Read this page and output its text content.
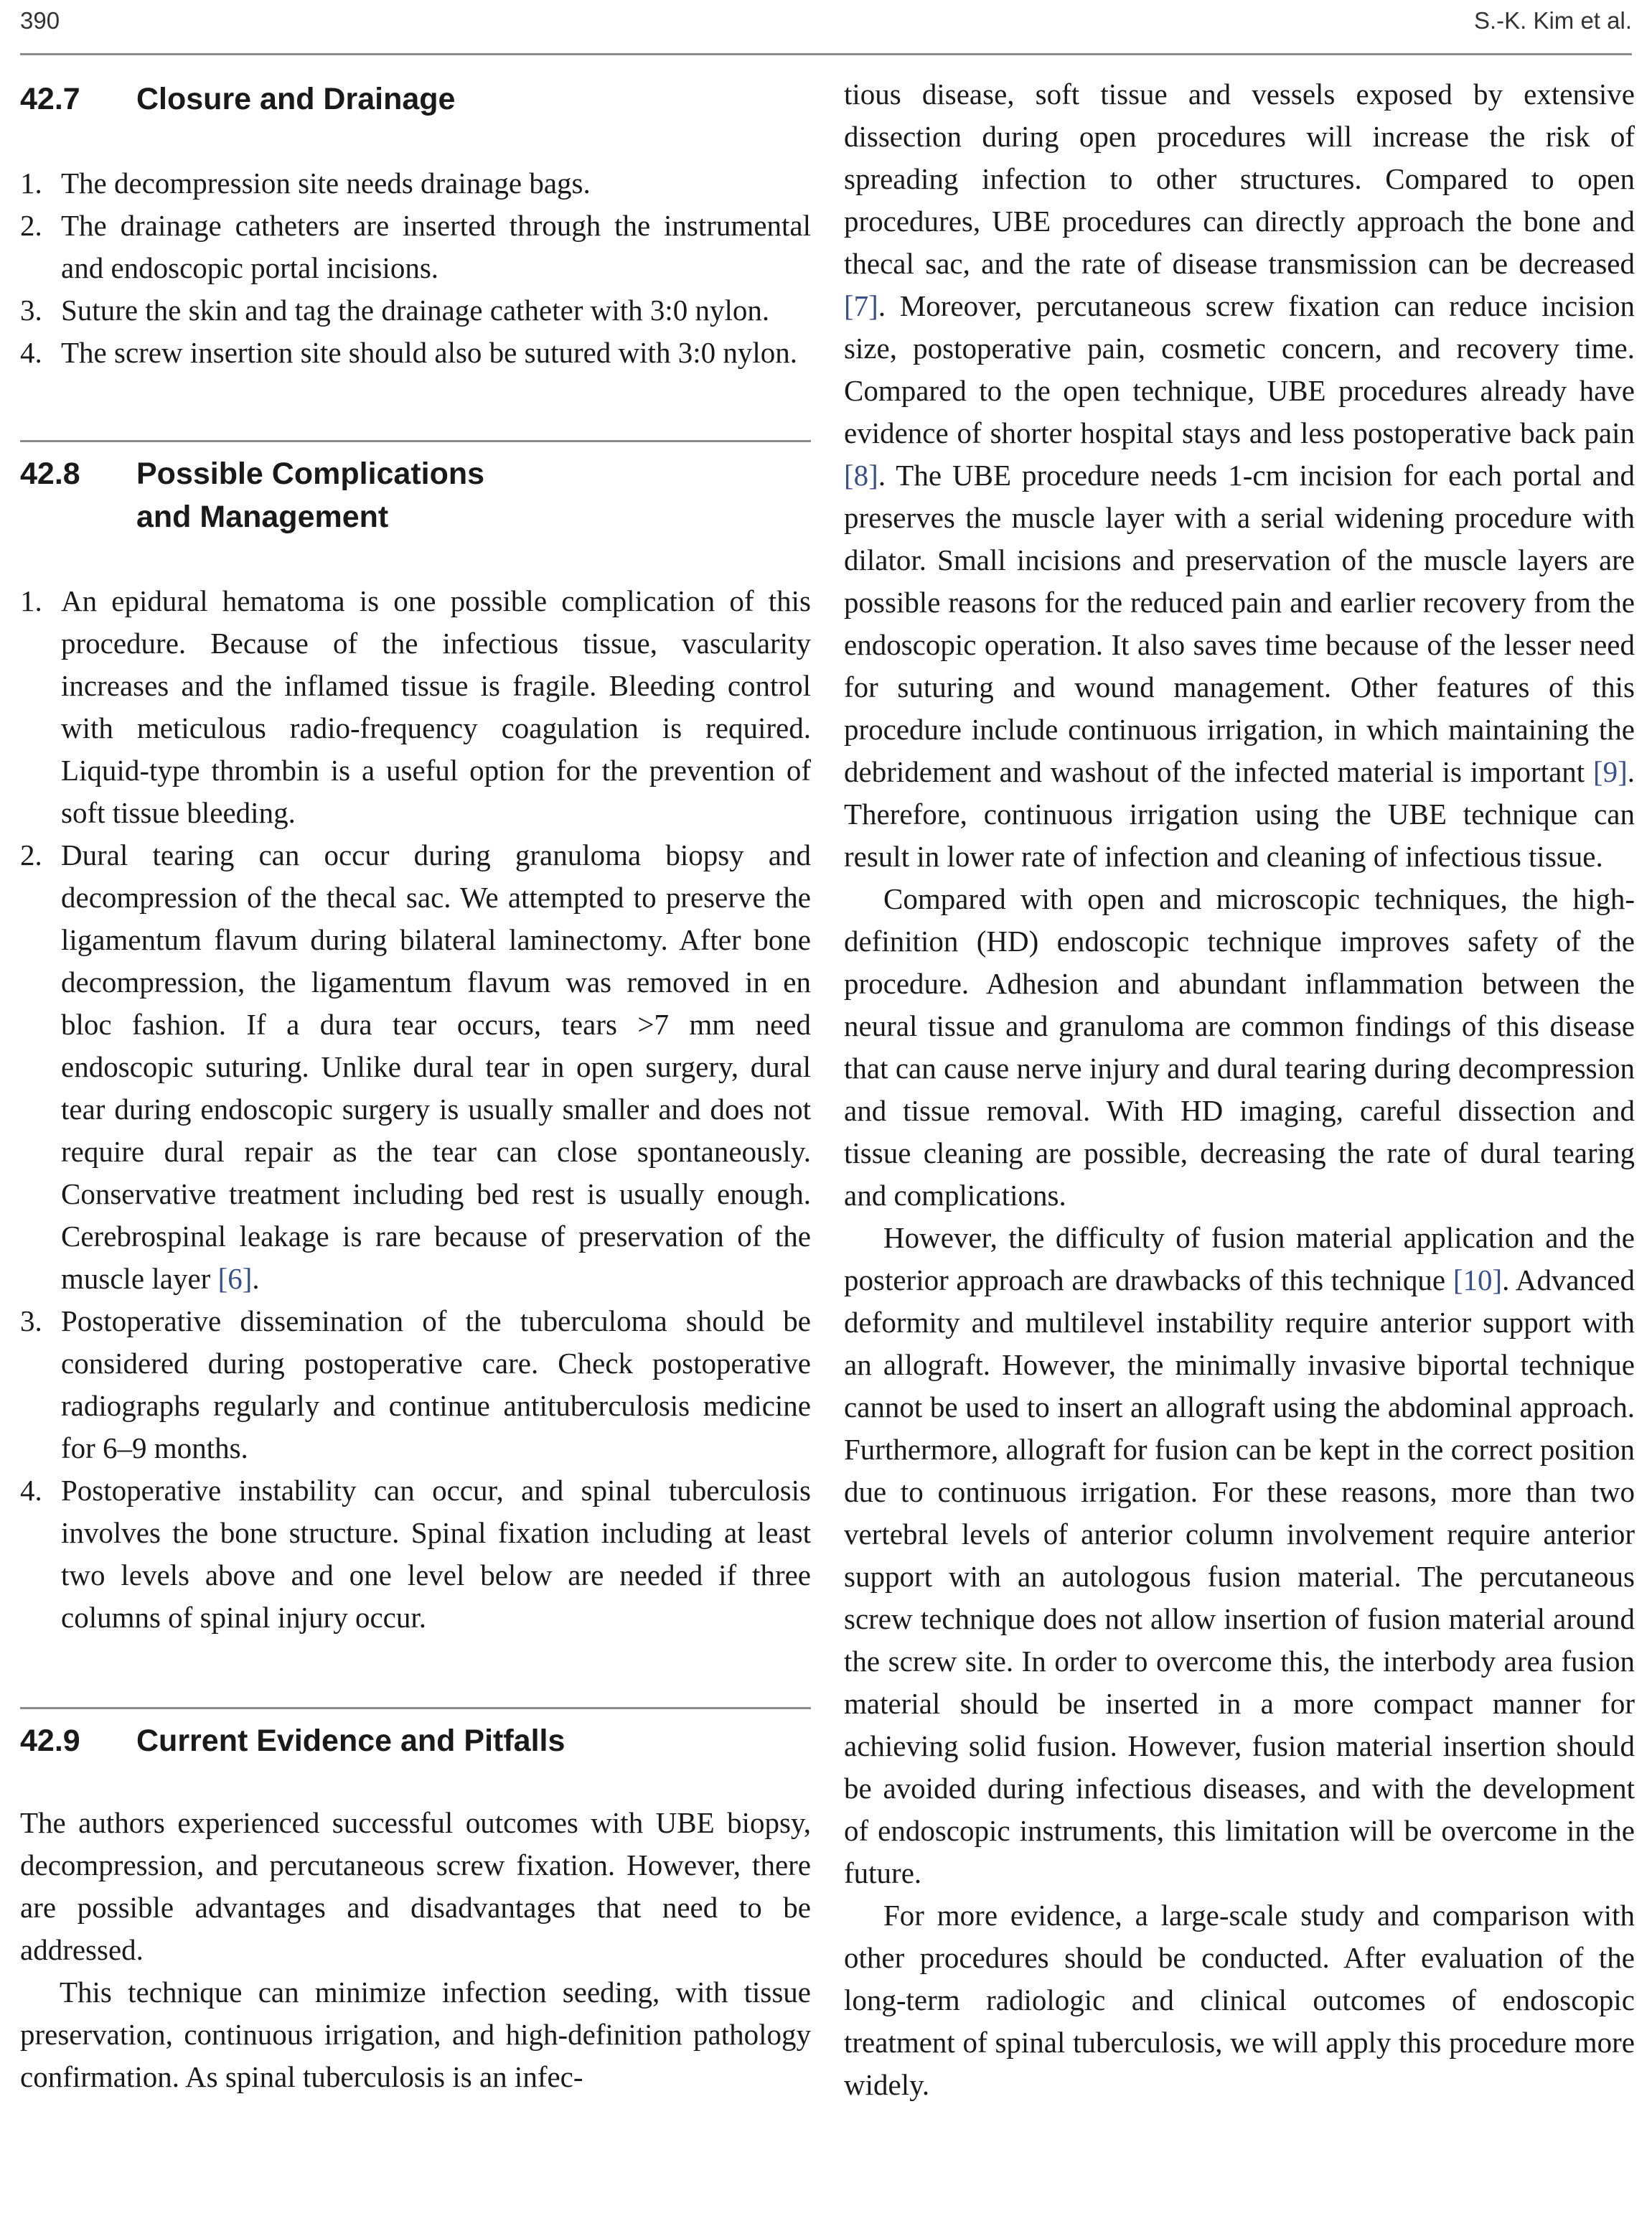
390	S.-K. Kim et al.
42.7	Closure and Drainage
1. The decompression site needs drainage bags.
2. The drainage catheters are inserted through the instrumental and endoscopic portal incisions.
3. Suture the skin and tag the drainage catheter with 3:0 nylon.
4. The screw insertion site should also be sutured with 3:0 nylon.
42.8	Possible Complications
and Management
1. An epidural hematoma is one possible complication of this procedure. Because of the infectious tissue, vascularity increases and the inflamed tissue is fragile. Bleeding control with meticulous radio-frequency coagulation is required. Liquid-type thrombin is a useful option for the prevention of soft tissue bleeding.
2. Dural tearing can occur during granuloma biopsy and decompression of the thecal sac. We attempted to preserve the ligamentum flavum during bilateral laminectomy. After bone decompression, the ligamentum flavum was removed in en bloc fashion. If a dura tear occurs, tears >7 mm need endoscopic suturing. Unlike dural tear in open surgery, dural tear during endoscopic surgery is usually smaller and does not require dural repair as the tear can close spontaneously. Conservative treatment including bed rest is usually enough. Cerebrospinal leakage is rare because of preservation of the muscle layer [6].
3. Postoperative dissemination of the tuberculoma should be considered during postoperative care. Check postoperative radiographs regularly and continue antituberculosis medicine for 6–9 months.
4. Postoperative instability can occur, and spinal tuberculosis involves the bone structure. Spinal fixation including at least two levels above and one level below are needed if three columns of spinal injury occur.
42.9	Current Evidence and Pitfalls

The authors experienced successful outcomes with UBE biopsy, decompression, and percutaneous screw fixation. However, there are possible advantages and disadvantages that need to be addressed.

This technique can minimize infection seeding, with tissue preservation, continuous irrigation, and high-definition pathology confirmation. As spinal tuberculosis is an infec-

tious disease, soft tissue and vessels exposed by extensive dissection during open procedures will increase the risk of spreading infection to other structures. Compared to open procedures, UBE procedures can directly approach the bone and thecal sac, and the rate of disease transmission can be decreased [7]. Moreover, percutaneous screw fixation can reduce incision size, postoperative pain, cosmetic concern, and recovery time. Compared to the open technique, UBE procedures already have evidence of shorter hospital stays and less postoperative back pain [8]. The UBE procedure needs 1-cm incision for each portal and preserves the muscle layer with a serial widening procedure with dilator. Small incisions and preservation of the muscle layers are possible reasons for the reduced pain and earlier recovery from the endoscopic operation. It also saves time because of the lesser need for suturing and wound management. Other features of this procedure include continuous irrigation, in which maintaining the debridement and washout of the infected material is important [9]. Therefore, continuous irrigation using the UBE technique can result in lower rate of infection and cleaning of infectious tissue.

Compared with open and microscopic techniques, the high-definition (HD) endoscopic technique improves safety of the procedure. Adhesion and abundant inflammation between the neural tissue and granuloma are common findings of this disease that can cause nerve injury and dural tearing during decompression and tissue removal. With HD imaging, careful dissection and tissue cleaning are possible, decreasing the rate of dural tearing and complications.

However, the difficulty of fusion material application and the posterior approach are drawbacks of this technique [10]. Advanced deformity and multilevel instability require anterior support with an allograft. However, the minimally invasive biportal technique cannot be used to insert an allograft using the abdominal approach. Furthermore, allograft for fusion can be kept in the correct position due to continuous irrigation. For these reasons, more than two vertebral levels of anterior column involvement require anterior support with an autologous fusion material. The percutaneous screw technique does not allow insertion of fusion material around the screw site. In order to overcome this, the interbody area fusion material should be inserted in a more compact manner for achieving solid fusion. However, fusion material insertion should be avoided during infectious diseases, and with the development of endoscopic instruments, this limitation will be overcome in the future.

For more evidence, a large-scale study and comparison with other procedures should be conducted. After evaluation of the long-term radiologic and clinical outcomes of endoscopic treatment of spinal tuberculosis, we will apply this procedure more widely.
